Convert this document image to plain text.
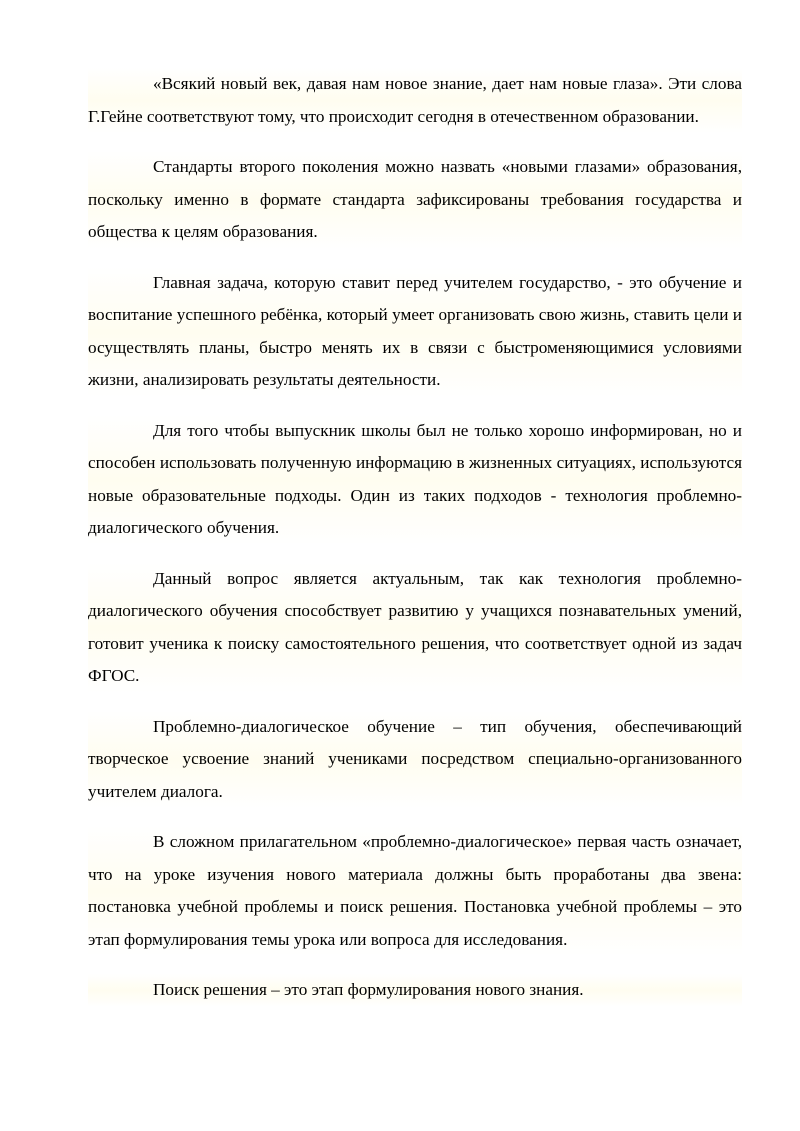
«Всякий новый век, давая нам новое знание, дает нам новые глаза». Эти слова Г.Гейне соответствуют тому, что происходит сегодня в отечественном образовании.

Стандарты второго поколения можно назвать «новыми глазами» образования, поскольку именно в формате стандарта зафиксированы требования государства и общества к целям образования.

Главная задача, которую ставит перед учителем государство, - это обучение и воспитание успешного ребёнка, который умеет организовать свою жизнь, ставить цели и осуществлять планы, быстро менять их в связи с быстроменяющимися условиями жизни, анализировать результаты деятельности.

Для того чтобы выпускник школы был не только хорошо информирован, но и способен использовать полученную информацию в жизненных ситуациях, используются новые образовательные подходы. Один из таких подходов - технология проблемно-диалогического обучения.

Данный вопрос является актуальным, так как технология проблемно-диалогического обучения способствует развитию у учащихся познавательных умений, готовит ученика к поиску самостоятельного решения, что соответствует одной из задач ФГОС.

Проблемно-диалогическое обучение – тип обучения, обеспечивающий творческое усвоение знаний учениками посредством специально-организованного учителем диалога.

В сложном прилагательном «проблемно-диалогическое» первая часть означает, что на уроке изучения нового материала должны быть проработаны два звена: постановка учебной проблемы и поиск решения. Постановка учебной проблемы – это этап формулирования темы урока или вопроса для исследования.

Поиск решения – это этап формулирования нового знания.
